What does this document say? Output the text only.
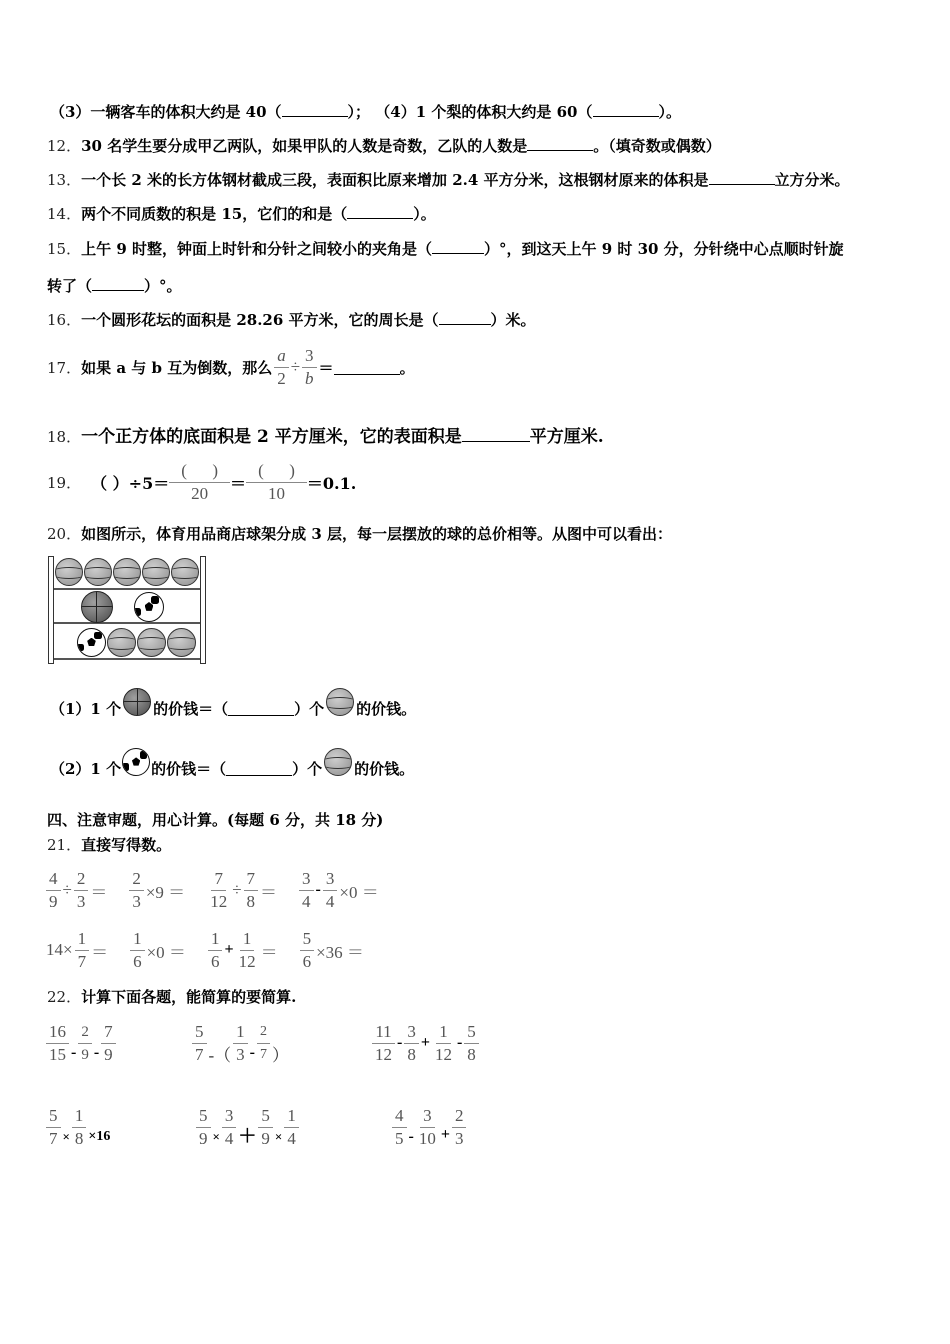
（3）一辆客车的体积大约是 40（	）； （4）1 个梨的体积大约是 60（	）。
12．30 名学生要分成甲乙两队，如果甲队的人数是奇数，乙队的人数是	。（填奇数或偶数）
13．一个长 2 米的长方体钢材截成三段，表面积比原来增加 2.4 平方分米，这根钢材原来的体积是	立方分米。
14．两个不同质数的积是 15，它们的和是（	）。
15．上午 9 时整，钟面上时针和分针之间较小的夹角是（	）°，到这天上午 9 时 30 分，分针绕中心点顺时针旋
转了（	）°。
16．一个圆形花坛的面积是 28.26 平方米，它的周长是（	）米。
17． 如果 a 与 b 互为倒数，那么 $\frac{a}{2} \div \frac{3}{b}$ ＝	。
18．一个正方体的底面积是 2 平方厘米，它的表面积是	平方厘米.
19． （ ）$\div 5= \frac{( )}{20} = \frac{( )}{10} =0.1$.
20．如图所示，体育用品商店球架分成 3 层，每一层摆放的球的总价相等。从图中可以看出：
（1）1 个 的价钱＝（	）个 的价钱。
（2）1 个 的价钱＝（	）个 的价钱。
四、注意审题，用心计算。(每题 6 分，共 18 分)
21．直接写得数。
$\frac{4}{9} \div \frac{2}{3} = \frac{2}{3} \times 9 = \frac{7}{12} \div \frac{7}{8} = \frac{3}{4} - \frac{3}{4} \times 0$ ＝
$14\times \frac{1}{7} = \frac{1}{6} \times 0 = \frac{1}{6} + \frac{1}{12} = \frac{5}{6} \times 36$ ＝
22．计算下面各题，能简算的要简算.
$\frac{16}{15} - \frac{2}{9} - \frac{7}{9}$	$\frac{5}{7}$ -（ $\frac{1}{3} - \frac{2}{7}$ ）	$\frac{11}{12} - \frac{3}{8} + \frac{1}{12} - \frac{5}{8}$
$\frac{5}{7} \times \frac{1}{8} \times 16$	$\frac{5}{9} \times \frac{3}{4} + \frac{5}{9} \times \frac{1}{4}$	$\frac{4}{5} - \frac{3}{10} + \frac{2}{3}$
